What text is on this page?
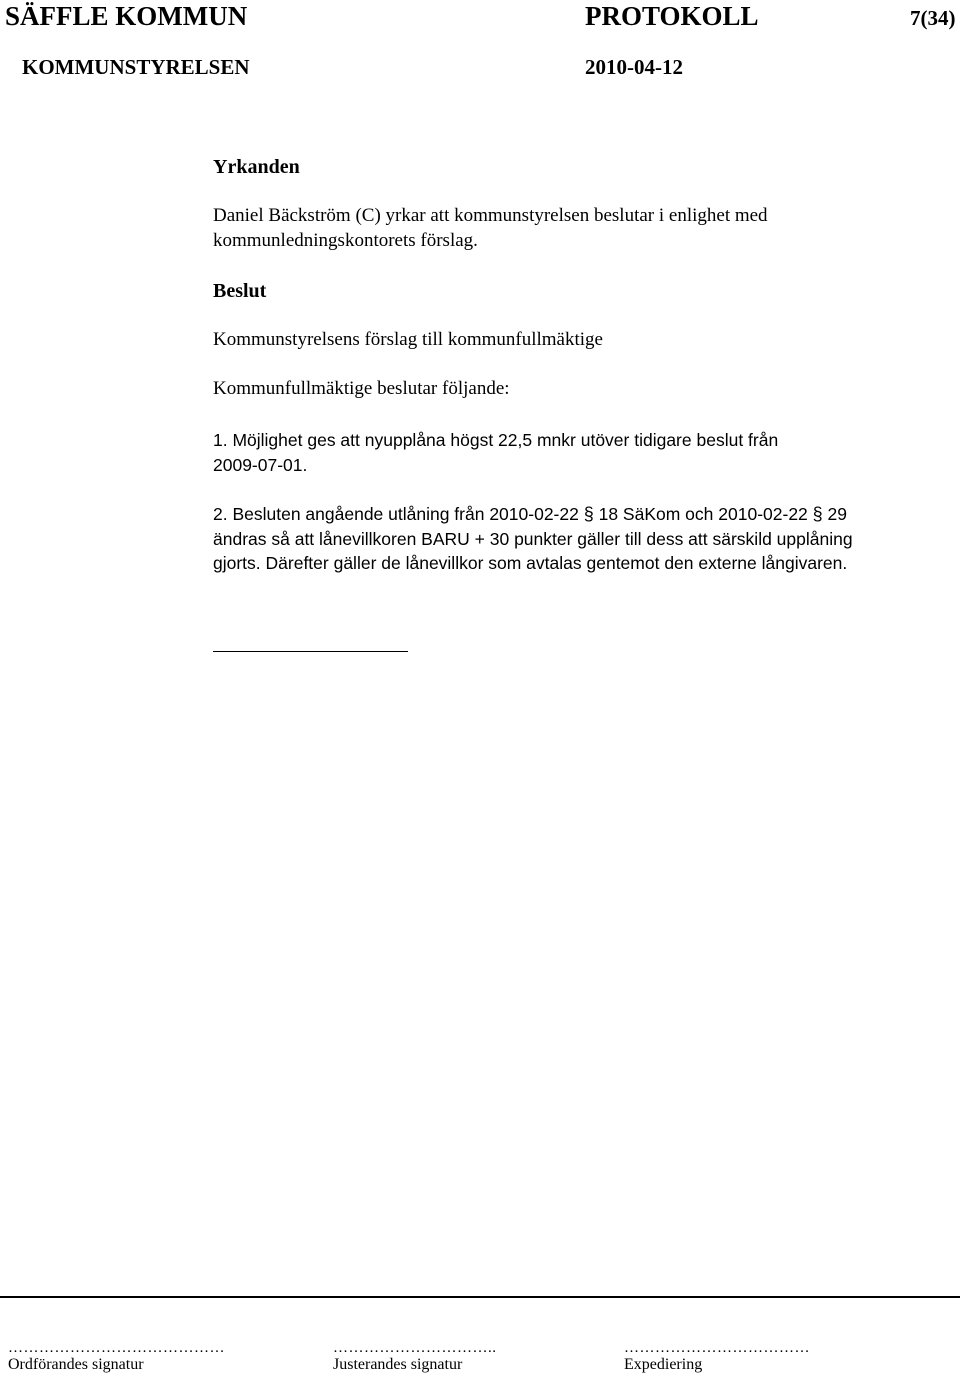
SÄFFLE KOMMUN	PROTOKOLL	7(34)
KOMMUNSTYRELSEN	2010-04-12
Yrkanden
Daniel Bäckström (C) yrkar att kommunstyrelsen beslutar i enlighet med
kommunledningskontorets förslag.
Beslut
Kommunstyrelsens förslag till kommunfullmäktige
Kommunfullmäktige beslutar följande:
1. Möjlighet ges att nyupplåna högst 22,5 mnkr utöver tidigare beslut från
2009-07-01.
2. Besluten angående utlåning från 2010-02-22 § 18 SäKom och 2010-02-22 § 29
ändras så att lånevillkoren BARU + 30 punkter gäller till dess att särskild upplåning
gjorts. Därefter gäller de lånevillkor som avtalas gentemot den externe långivaren.
……………………………………
Ordförandes signatur
…………………………..
Justerandes signatur
………………………………
Expediering
